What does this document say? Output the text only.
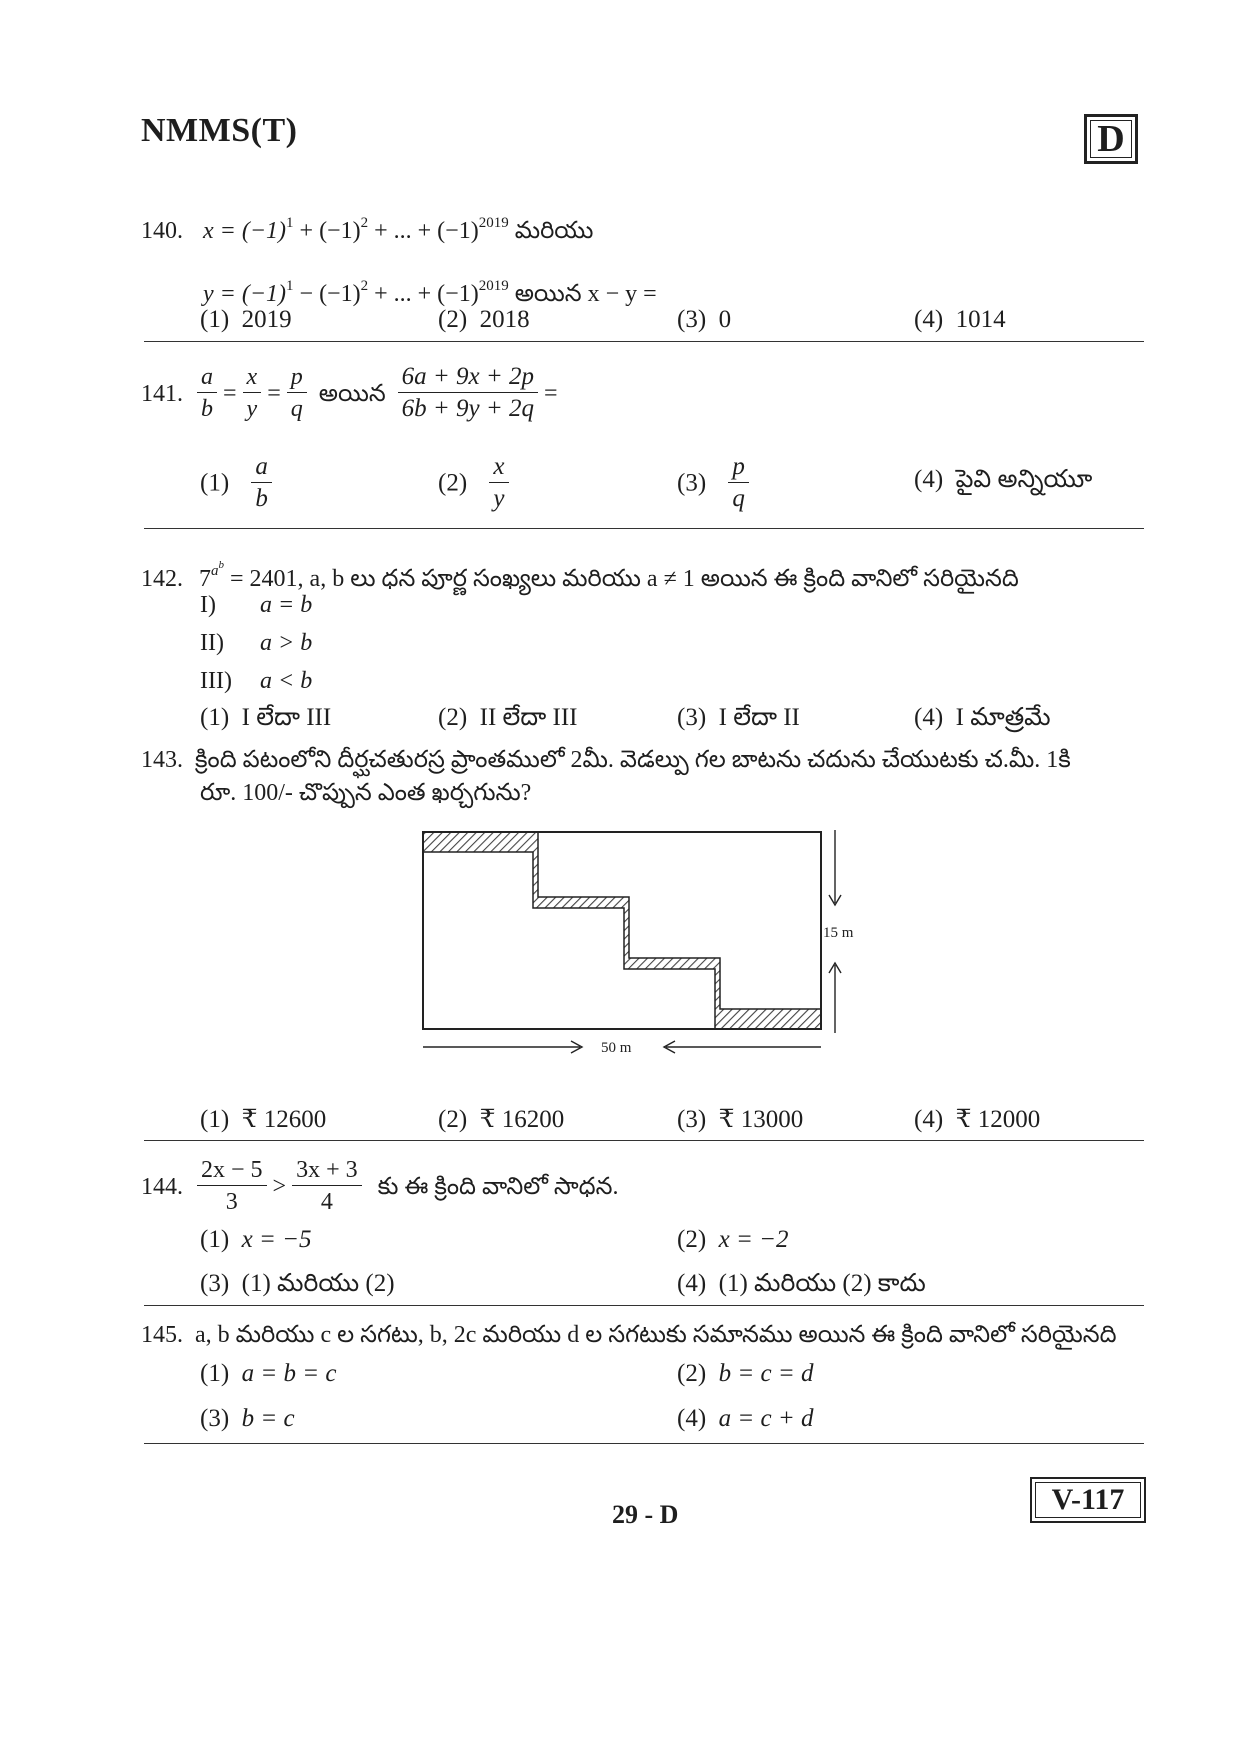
NMMS(T)	D
140. $x = (-1)^1 + (-1)^2$ + ... + $(-1)^{2019}$ మరియు
$y = (-1)^1 - (-1)^2$ + ... + $(-1)^{2019}$ అయిన x − y =
(1) 2019	(2) 2018	(3) 0	(4) 1014
141. $\frac{a}{b} = \frac{x}{y} = \frac{p}{q}$ అయిన $\frac{6a + 9x + 2p}{6b + 9y + 2q}$ =
$(1) \frac{a}{b}$	$(2) \frac{x}{y}$	$(3) \frac{p}{q}$	(4) పైవి అన్నియూ
142. $7^{a^b} = 2401$, a, b లు ధన పూర్ణ సంఖ్యలు మరియు a ≠ 1 అయిన ఈ క్రింది వానిలో సరియైనది
I) a = b
II) a > b
III) a < b
(1) I లేదా III	(2) II లేదా III	(3) I లేదా II	(4) I మాత్రమే
143. క్రింది పటంలోని దీర్ఘచతురస్ర ప్రాంతములో 2మీ. వెడల్పు గల బాటను చదును చేయుటకు చ.మీ. 1కి
రూ. 100/- చొప్పున ఎంత ఖర్చగును?
15 m
50 m
(1) ₹ 12600	(2) ₹ 16200	(3) ₹ 13000	(4) ₹ 12000
144. $\frac{2x - 5}{3} > \frac{3x + 3}{4}$ కు ఈ క్రింది వానిలో సాధన.
(1) x = −5	(2) x = −2
(3) (1) మరియు (2)	(4) (1) మరియు (2) కాదు
145. a, b మరియు c ల సగటు, b, 2c మరియు d ల సగటుకు సమానము అయిన ఈ క్రింది వానిలో సరియైనది
(1) a = b = c	(2) b = c = d
(3) b = c	(4) a = c + d
29 - D	V-117
